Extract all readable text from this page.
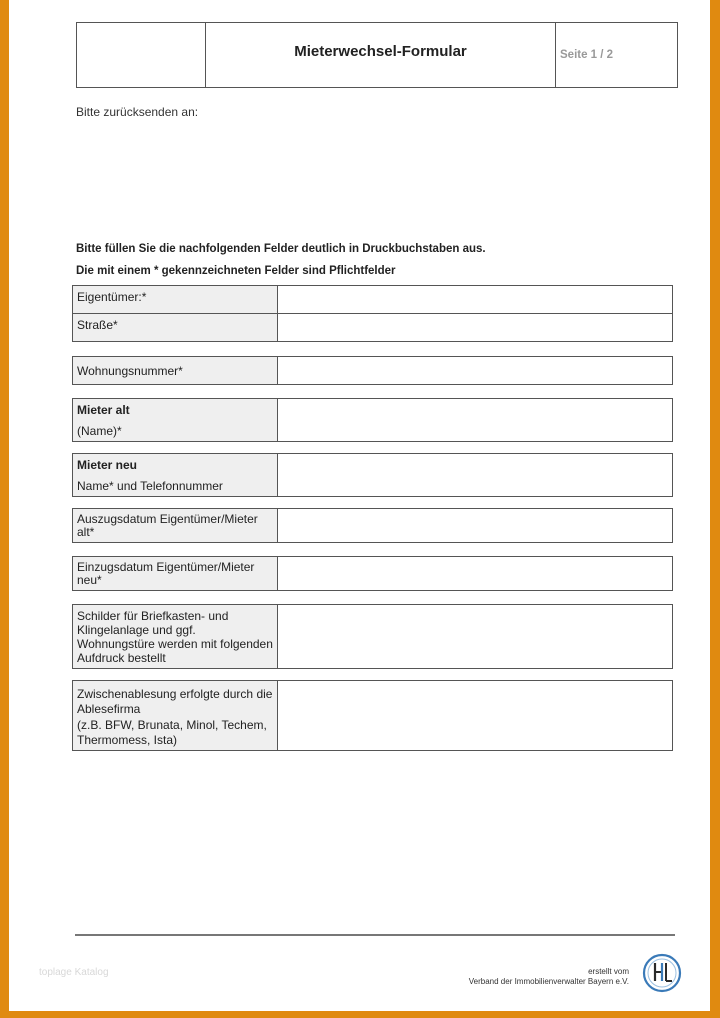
Mieterwechsel-Formular	Seite 1 / 2
Bitte zurücksenden an:
Bitte füllen Sie die nachfolgenden Felder deutlich in Druckbuchstaben aus.
Die mit einem * gekennzeichneten Felder sind Pflichtfelder
Eigentümer:*	
Straße*	
Wohnungsnummer*	
Mieter alt
(Name)*

Mieter neu
Name* und Telefonnummer

Auszugsdatum Eigentümer/Mieter alt*	
Einzugsdatum Eigentümer/Mieter neu*	
Schilder für Briefkasten- und Klingelanlage und ggf. Wohnungstüre werden mit folgenden Aufdruck bestellt	
Zwischenablesung erfolgte durch die Ablesefirma
(z.B. BFW, Brunata, Minol, Techem, Thermomess, Ista)

toplage Katalog	erstellt vom
Verband der Immobilienverwalter Bayern e.V.
